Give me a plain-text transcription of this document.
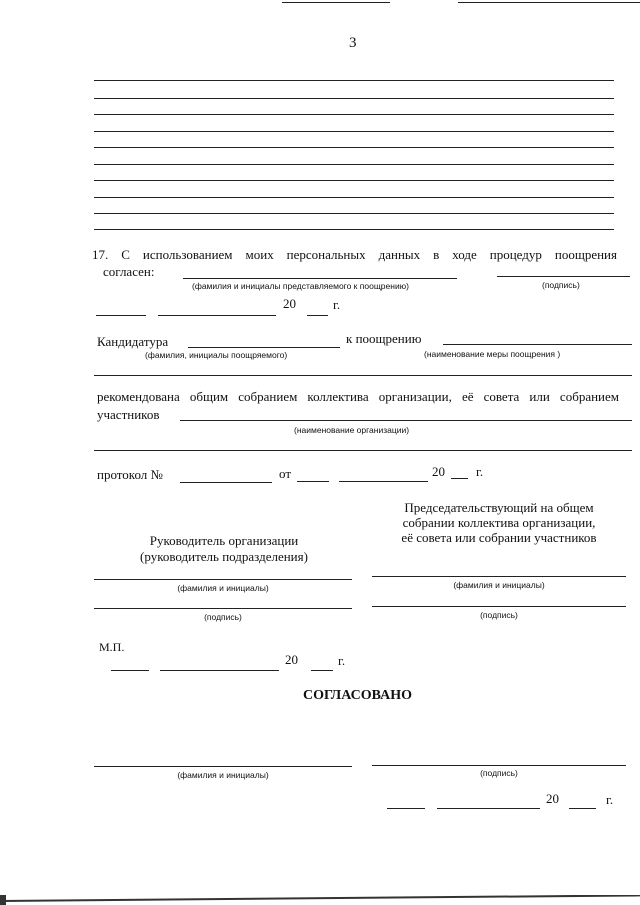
3
17. С использованием моих персональных данных в ходе процедур поощрения
согласен:
(фамилия и инициалы представляемого к поощрению)	(подпись)
20	г.
Кандидатура	к поощрению
(фамилия, инициалы поощряемого)	(наименование меры поощрения )
рекомендована общим собранием коллектива организации, её совета или собранием
участников
(наименование организации)
протокол №	от	20 г.
Руководитель организации
(руководитель подразделения)
Председательствующий на общем
собрании коллектива организации,
её совета или собрании участников
(фамилия и инициалы)	(фамилия и инициалы)
(подпись)	(подпись)
М.П.
20	г.
СОГЛАСОВАНО
(фамилия и инициалы)	(подпись)
20	г.
